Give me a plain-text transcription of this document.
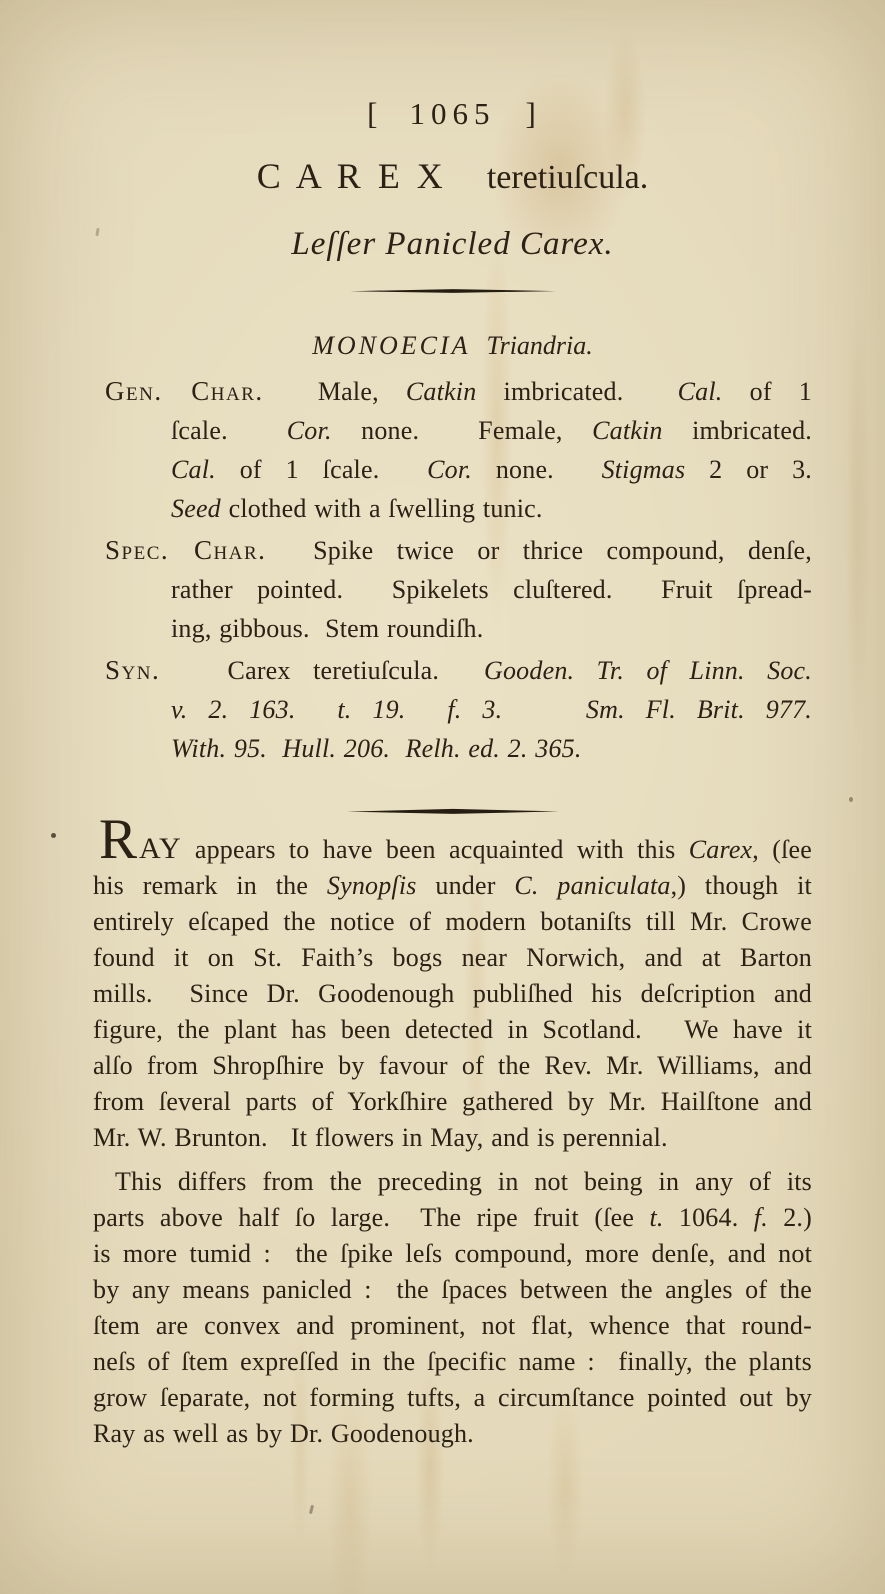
[ 1065 ]
C A R E X teretiuſcula.
Leſſer Panicled Carex.
MONOECIA Triandria.
Gen. Char.  Male, Catkin imbricated.  Cal. of 1
ſcale.  Cor. none.  Female, Catkin imbricated.
Cal. of 1 ſcale.  Cor. none.  Stigmas 2 or 3.
Seed clothed with a ſwelling tunic.
Spec. Char.  Spike twice or thrice compound, denſe,
rather pointed.  Spikelets cluſtered.  Fruit ſpread-
ing, gibbous.  Stem roundiſh.
Syn.   Carex teretiuſcula.  Gooden. Tr. of Linn. Soc.
v. 2. 163.  t. 19.  f. 3.    Sm. Fl. Brit. 977.
With. 95.  Hull. 206.  Relh. ed. 2. 365.
RAY appears to have been acquainted with this Carex, (ſee
his remark in the Synopſis under C. paniculata,) though it
entirely eſcaped the notice of modern botaniſts till Mr. Crowe
found it on St. Faith’s bogs near Norwich, and at Barton
mills.  Since Dr. Goodenough publiſhed his deſcription and
figure, the plant has been detected in Scotland.   We have it
alſo from Shropſhire by favour of the Rev. Mr. Williams, and
from ſeveral parts of Yorkſhire gathered by Mr. Hailſtone and
Mr. W. Brunton.   It flowers in May, and is perennial.
This differs from the preceding in not being in any of its
parts above half ſo large.  The ripe fruit (ſee t. 1064. f. 2.)
is more tumid :  the ſpike leſs compound, more denſe, and not
by any means panicled :  the ſpaces between the angles of the
ſtem are convex and prominent, not flat, whence that round-
neſs of ſtem expreſſed in the ſpecific name :  finally, the plants
grow ſeparate, not forming tufts, a circumſtance pointed out by
Ray as well as by Dr. Goodenough.
